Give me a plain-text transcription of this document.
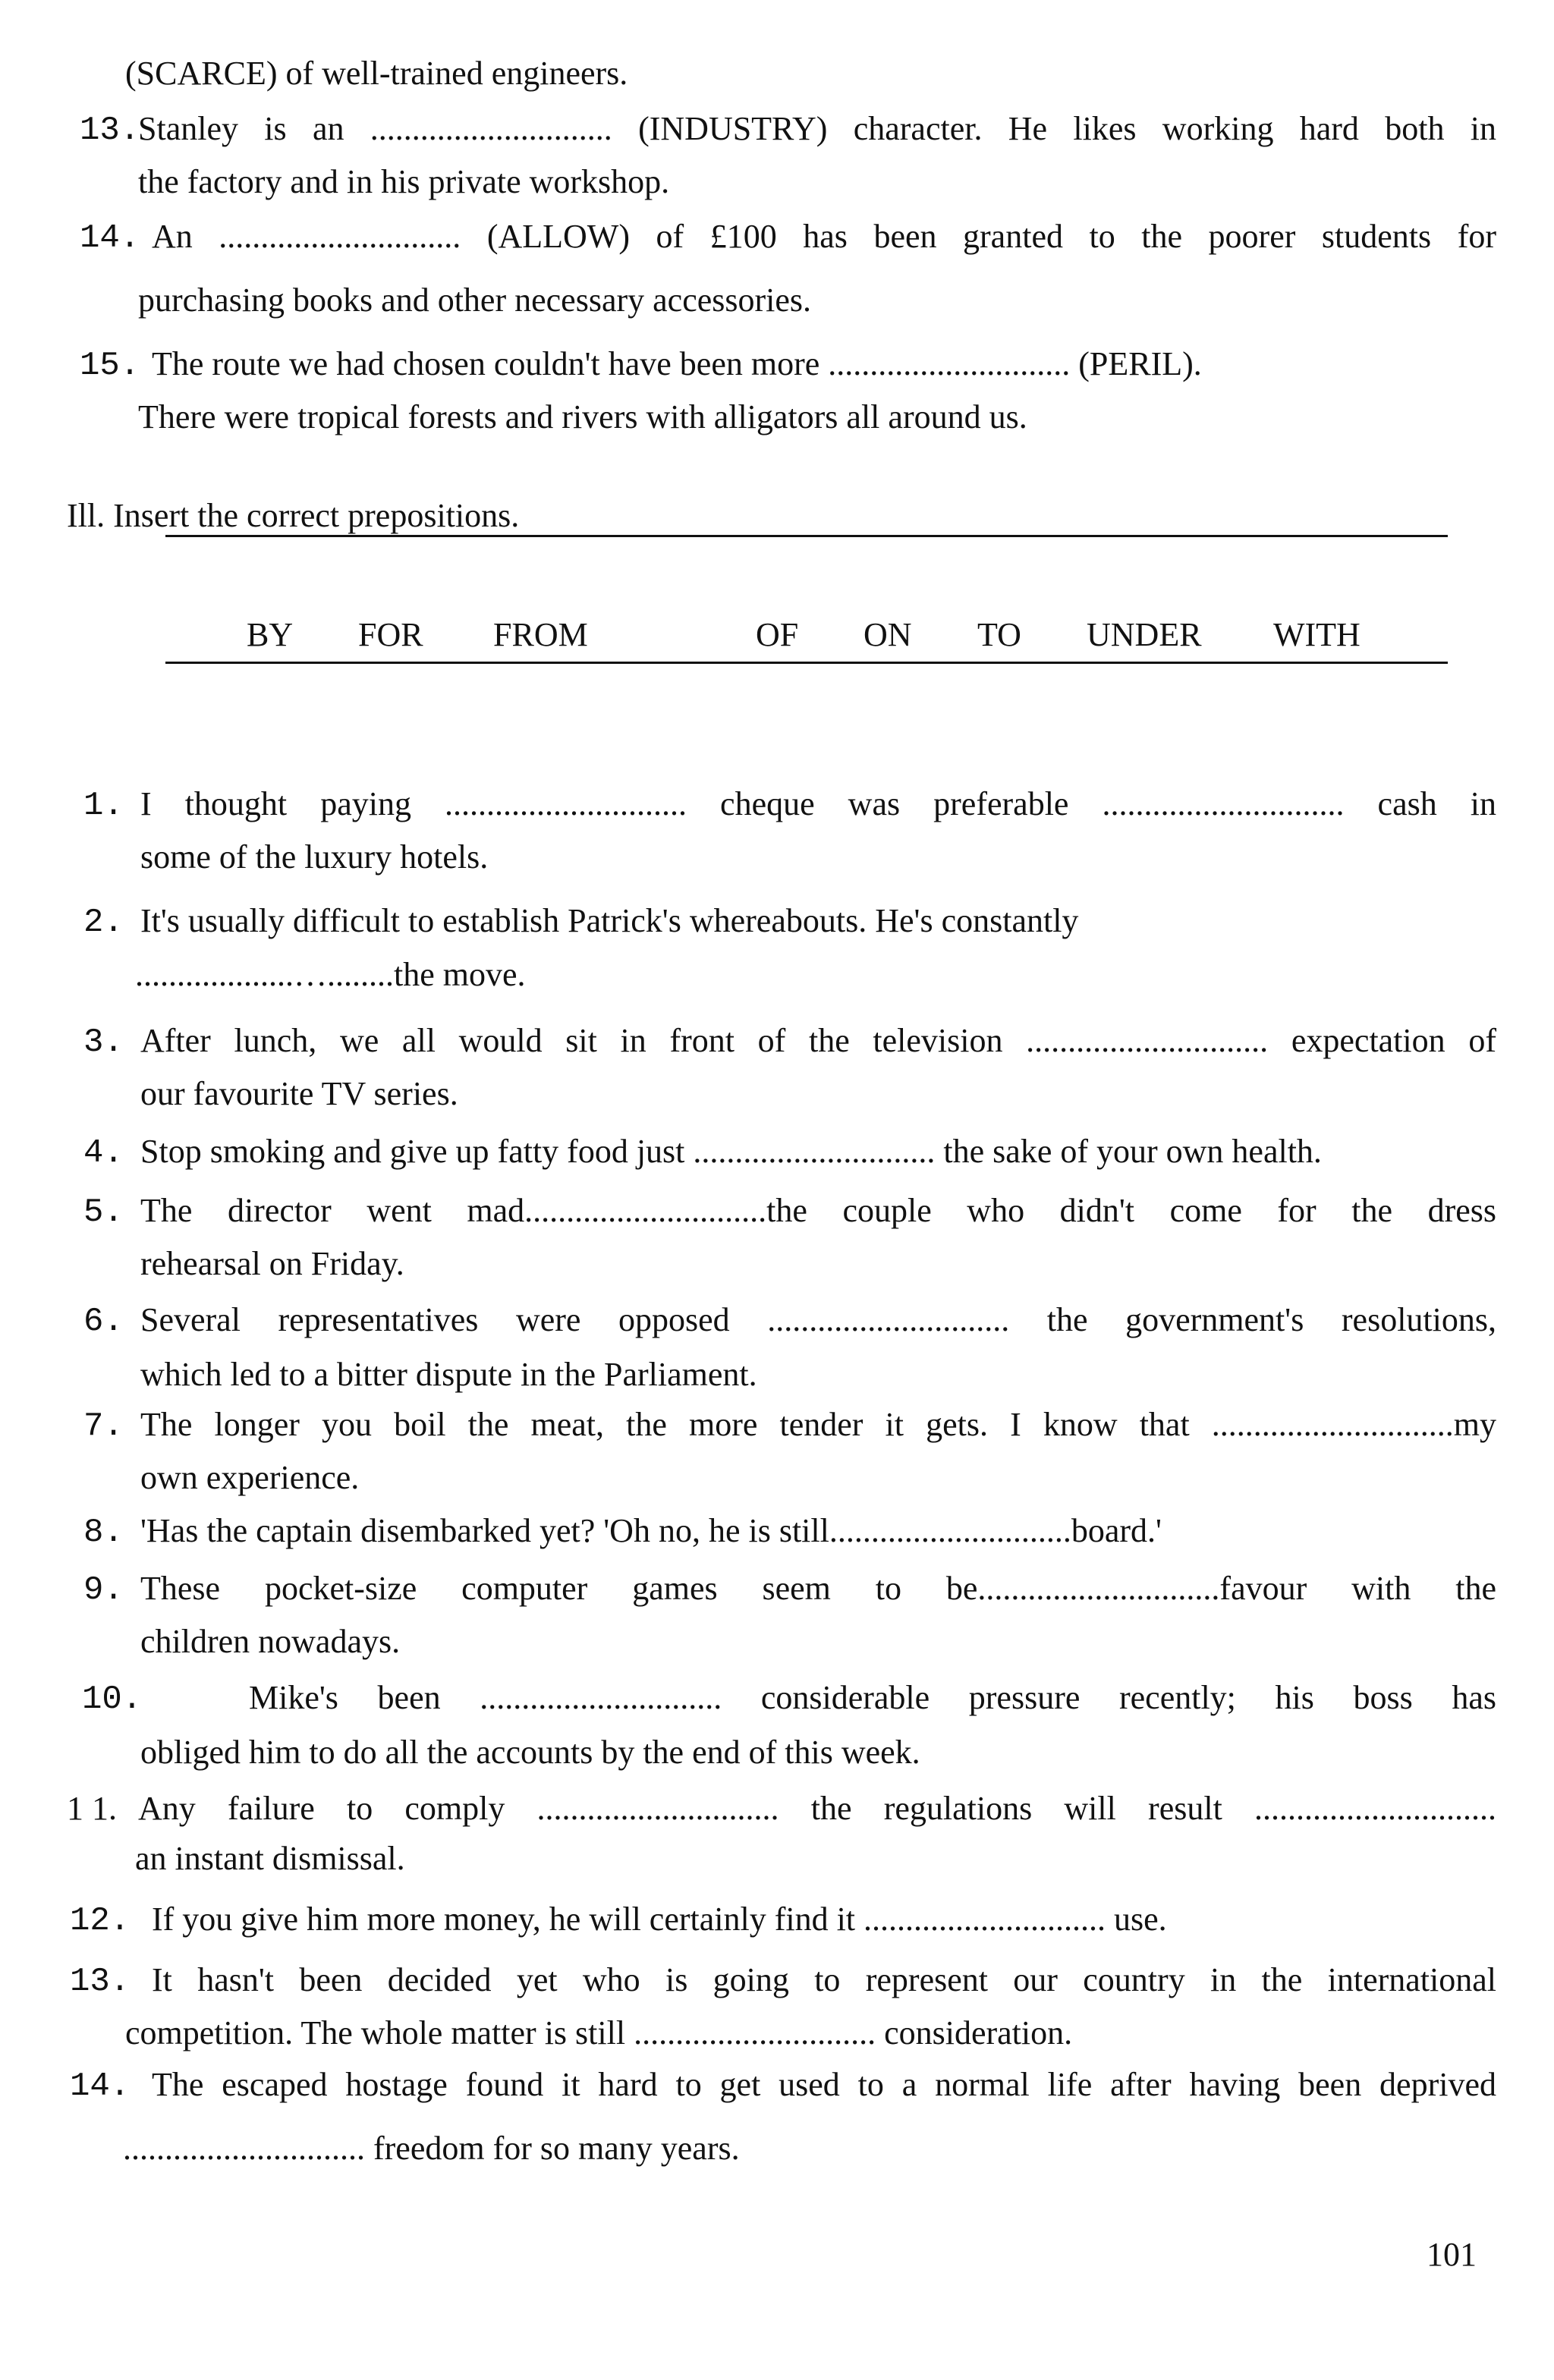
(SCARCE) of well-trained engineers.
13.
Stanley is an ............................. (INDUSTRY) character. He likes working hard both in
the factory and in his private workshop.
14. An ............................. (ALLOW) of £100 has been granted to the poorer students for
purchasing books and other necessary accessories.
15. The route we had chosen couldn't have been more ............................. (PERIL).
There were tropical forests and rivers with alligators all around us.
Ill. Insert the correct prepositions.
BY FOR FROM	OF ON TO UNDER WITH
1. I thought paying ............................. cheque was preferable ............................. cash in
some of the luxury hotels.
2. It's usually difficult to establish Patrick's whereabouts. He's constantly
...................…........the move.
3. After lunch, we all would sit in front of the television ............................. expectation of
our favourite TV series.
4. Stop smoking and give up fatty food just ............................. the sake of your own health.
5. The director went mad.............................the couple who didn't come for the dress
rehearsal on Friday.
6. Several representatives were opposed ............................. the government's resolutions,
which led to a bitter dispute in the Parliament.
7. The longer you boil the meat, the more tender it gets. I know that .............................my
own experience.
8. 'Has the captain disembarked yet? 'Oh no, he is still.............................board.'
9. These pocket-size computer games seem to be.............................favour with the
children nowadays.
10.	Mike's been ............................. considerable pressure recently; his boss has
obliged him to do all the accounts by the end of this week.
1 1. Any failure to comply ............................. the regulations will result .............................
an instant dismissal.
12. If you give him more money, he will certainly find it ............................. use.
13. It hasn't been decided yet who is going to represent our country in the international
competition. The whole matter is still ............................. consideration.
14. The escaped hostage found it hard to get used to a normal life after having been deprived
............................. freedom for so many years.
101
